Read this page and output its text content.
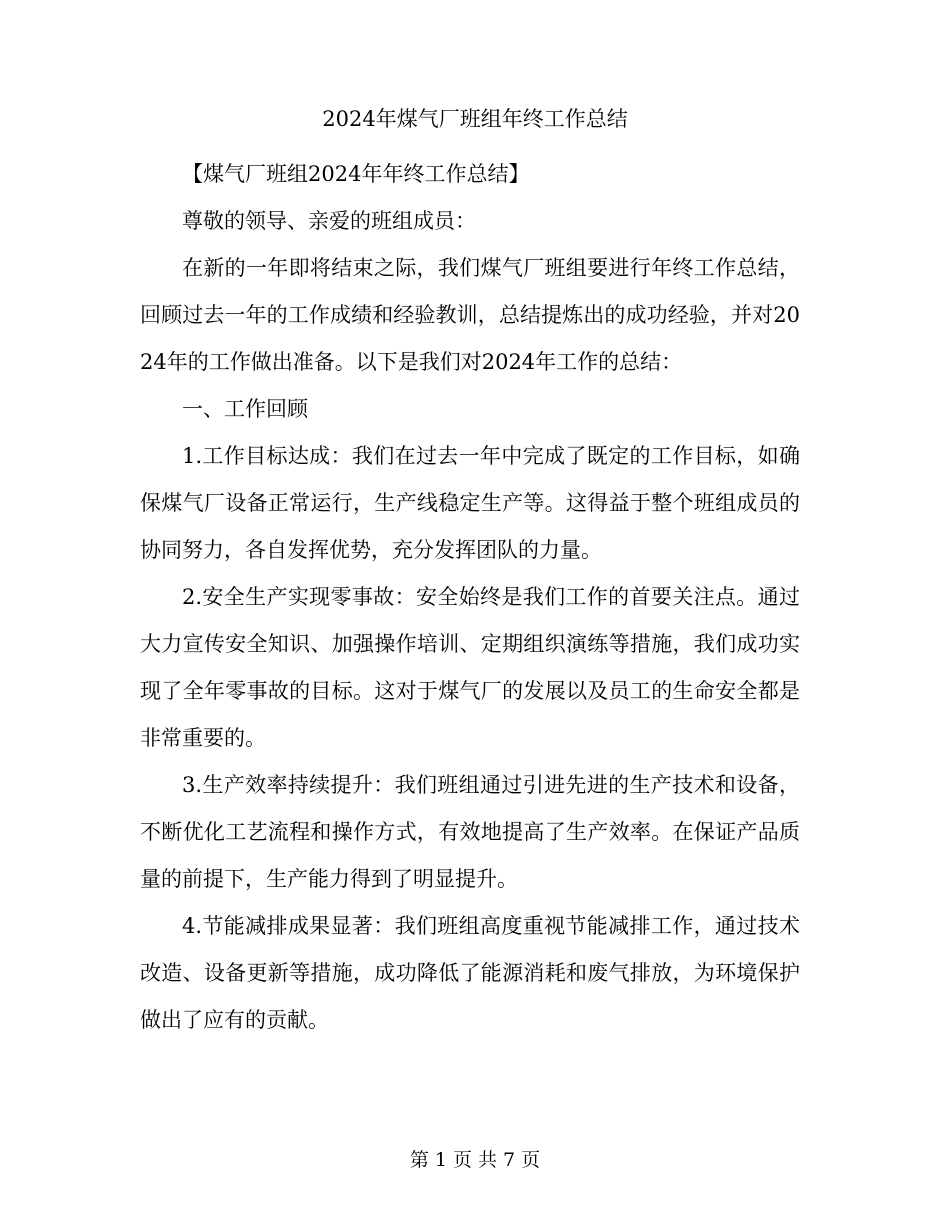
2024年煤气厂班组年终工作总结

【煤气厂班组2024年年终工作总结】

尊敬的领导、亲爱的班组成员：

在新的一年即将结束之际，我们煤气厂班组要进行年终工作总结，回顾过去一年的工作成绩和经验教训，总结提炼出的成功经验，并对2024年的工作做出准备。以下是我们对2024年工作的总结：

一、工作回顾

1.工作目标达成：我们在过去一年中完成了既定的工作目标，如确保煤气厂设备正常运行，生产线稳定生产等。这得益于整个班组成员的协同努力，各自发挥优势，充分发挥团队的力量。

2.安全生产实现零事故：安全始终是我们工作的首要关注点。通过大力宣传安全知识、加强操作培训、定期组织演练等措施，我们成功实现了全年零事故的目标。这对于煤气厂的发展以及员工的生命安全都是非常重要的。

3.生产效率持续提升：我们班组通过引进先进的生产技术和设备，不断优化工艺流程和操作方式，有效地提高了生产效率。在保证产品质量的前提下，生产能力得到了明显提升。

4.节能减排成果显著：我们班组高度重视节能减排工作，通过技术改造、设备更新等措施，成功降低了能源消耗和废气排放，为环境保护做出了应有的贡献。

第 1 页 共 7 页
